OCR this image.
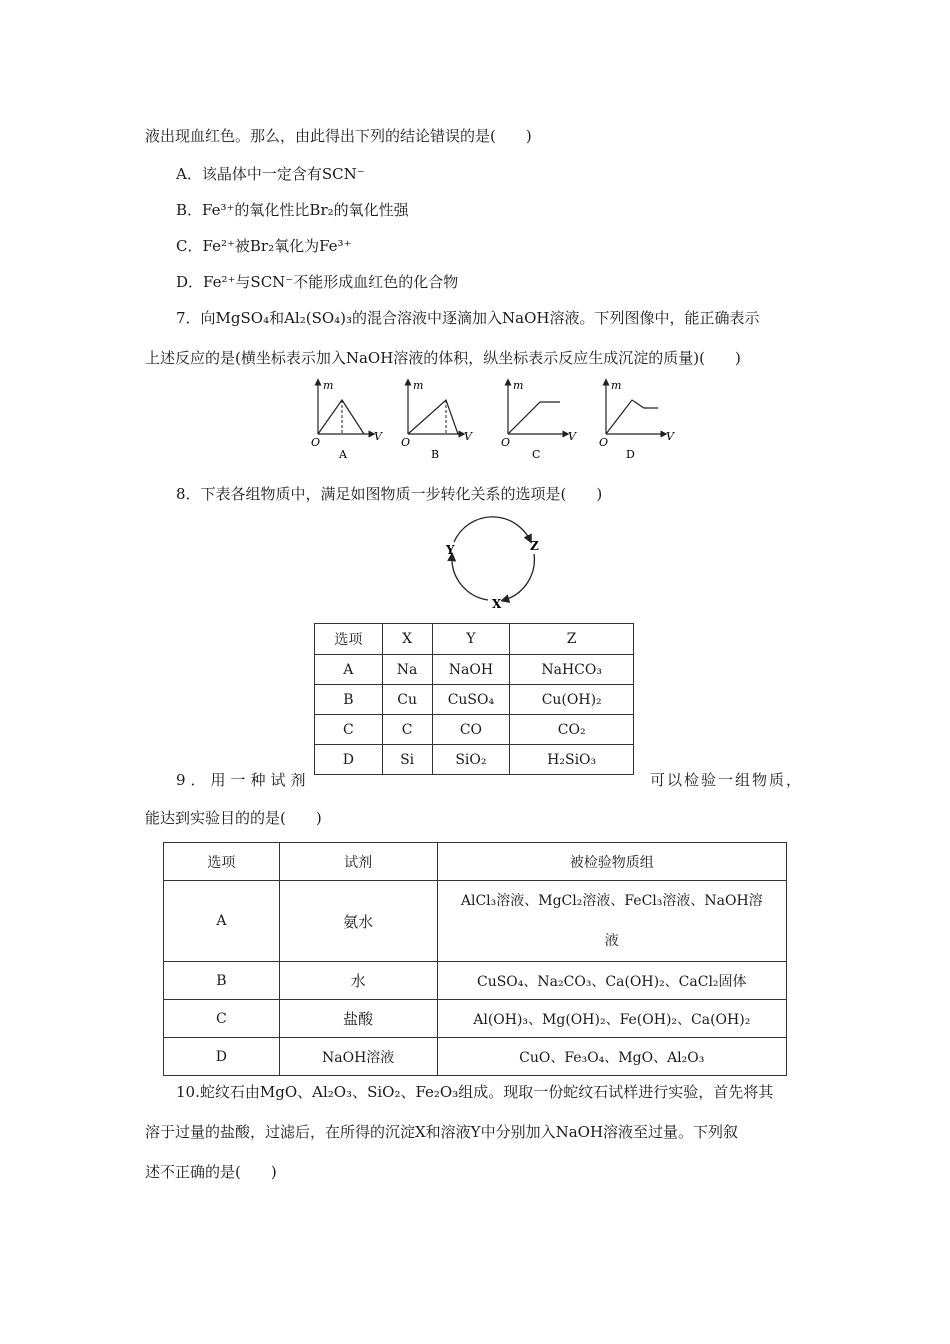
液出现血红色。那么，由此得出下列的结论错误的是(　　)
A．该晶体中一定含有SCN⁻
B．Fe³⁺的氧化性比Br₂的氧化性强
C．Fe²⁺被Br₂氧化为Fe³⁺
D．Fe²⁺与SCN⁻不能形成血红色的化合物
7．向MgSO₄和Al₂(SO₄)₃的混合溶液中逐滴加入NaOH溶液。下列图像中，能正确表示
上述反应的是(横坐标表示加入NaOH溶液的体积，纵坐标表示反应生成沉淀的质量)(　　)
m
V
O
A
m
V
O
B
m
V
O
C
m
V
O
D
8．下表各组物质中，满足如图物质一步转化关系的选项是(　　)
Y	Z
X
选项	X	Y	Z
A	Na	NaOH	NaHCO₃
B	Cu	CuSO₄	Cu(OH)₂
C	C	CO	CO₂
D	Si	SiO₂	H₂SiO₃
9．用一种试剂	可以检验一组物质，
能达到实验目的的是(　　)
选项	试剂	被检验物质组
A	氨水	AlCl₃溶液、MgCl₂溶液、FeCl₃溶液、NaOH溶
液

B	水	CuSO₄、Na₂CO₃、Ca(OH)₂、CaCl₂固体
C	盐酸	Al(OH)₃、Mg(OH)₂、Fe(OH)₂、Ca(OH)₂
D	NaOH溶液	CuO、Fe₃O₄、MgO、Al₂O₃
10.蛇纹石由MgO、Al₂O₃、SiO₂、Fe₂O₃组成。现取一份蛇纹石试样进行实验，首先将其
溶于过量的盐酸，过滤后，在所得的沉淀X和溶液Y中分别加入NaOH溶液至过量。下列叙
述不正确的是(　　)
